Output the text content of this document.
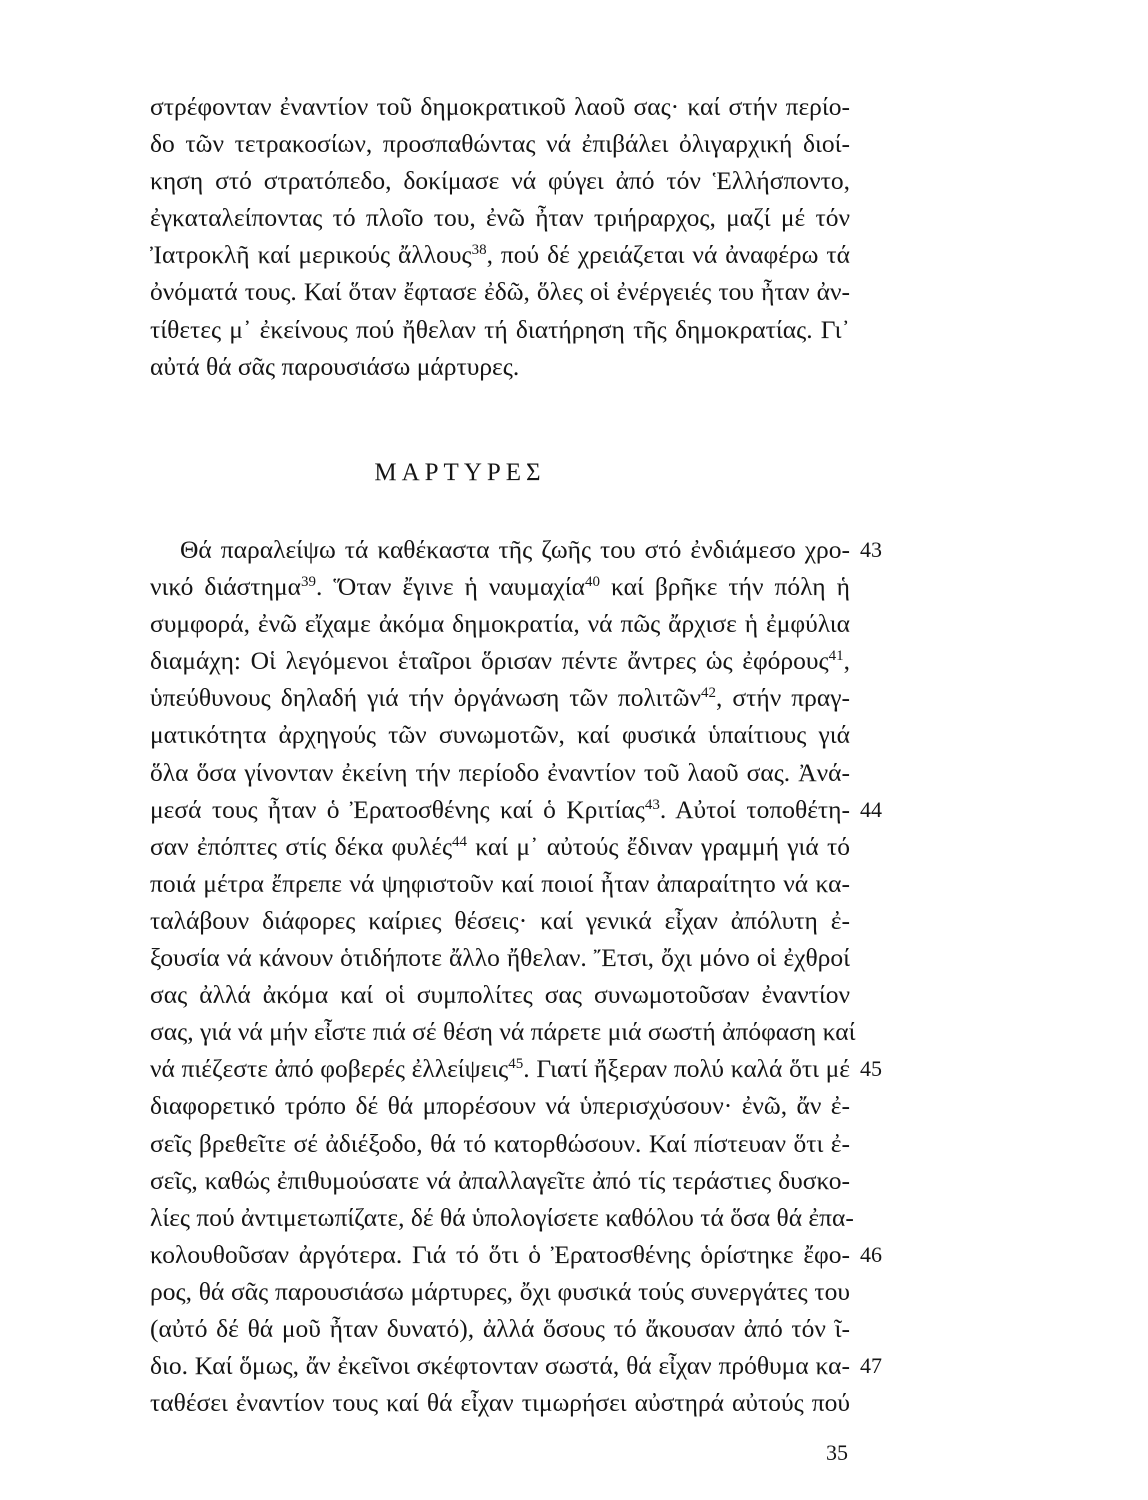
στρέφονταν ἐναντίον τοῦ δημοκρατικοῦ λαοῦ σας· καί στήν περίο-
δο τῶν τετρακοσίων, προσπαθώντας νά ἐπιβάλει ὀλιγαρχική διοί-
κηση στό στρατόπεδο, δοκίμασε νά φύγει ἀπό τόν Ἑλλήσποντο,
ἐγκαταλείποντας τό πλοῖο του, ἐνῶ ἦταν τριήραρχος, μαζί μέ τόν
Ἰατροκλῆ καί μερικούς ἄλλους$^{38}$, πού δέ χρειάζεται νά ἀναφέρω τά
ὀνόματά τους. Καί ὅταν ἔφτασε ἐδῶ, ὅλες οἱ ἐνέργειές του ἦταν ἀν-
τίθετες μ᾿ ἐκείνους πού ἤθελαν τή διατήρηση τῆς δημοκρατίας. Γι᾿
αὐτά θά σᾶς παρουσιάσω μάρτυρες.
ΜΑΡΤΥΡΕΣ
Θά παραλείψω τά καθέκαστα τῆς ζωῆς του στό ἐνδιάμεσο χρο- 43
νικό διάστημα$^{39}$. Ὅταν ἔγινε ἡ ναυμαχία$^{40}$ καί βρῆκε τήν πόλη ἡ
συμφορά, ἐνῶ εἴχαμε ἀκόμα δημοκρατία, νά πῶς ἄρχισε ἡ ἐμφύλια
διαμάχη: Οἱ λεγόμενοι ἑταῖροι ὅρισαν πέντε ἄντρες ὡς ἐφόρους$^{41}$,
ὑπεύθυνους δηλαδή γιά τήν ὀργάνωση τῶν πολιτῶν$^{42}$, στήν πραγ-
ματικότητα ἀρχηγούς τῶν συνωμοτῶν, καί φυσικά ὑπαίτιους γιά
ὅλα ὅσα γίνονταν ἐκείνη τήν περίοδο ἐναντίον τοῦ λαοῦ σας. Ἀνά-
μεσά τους ἦταν ὁ Ἐρατοσθένης καί ὁ Κριτίας$^{43}$. Αὐτοί τοποθέτη- 44
σαν ἐπόπτες στίς δέκα φυλές$^{44}$ καί μ᾿ αὐτούς ἔδιναν γραμμή γιά τό
ποιά μέτρα ἔπρεπε νά ψηφιστοῦν καί ποιοί ἦταν ἀπαραίτητο νά κα-
ταλάβουν διάφορες καίριες θέσεις· καί γενικά εἶχαν ἀπόλυτη ἐ-
ξουσία νά κάνουν ὁτιδήποτε ἄλλο ἤθελαν. Ἔτσι, ὄχι μόνο οἱ ἐχθροί
σας ἀλλά ἀκόμα καί οἱ συμπολίτες σας συνωμοτοῦσαν ἐναντίον
σας, γιά νά μήν εἶστε πιά σέ θέση νά πάρετε μιά σωστή ἀπόφαση καί
νά πιέζεστε ἀπό φοβερές ἐλλείψεις$^{45}$. Γιατί ἤξεραν πολύ καλά ὅτι μέ 45
διαφορετικό τρόπο δέ θά μπορέσουν νά ὑπερισχύσουν· ἐνῶ, ἄν ἐ-
σεῖς βρεθεῖτε σέ ἀδιέξοδο, θά τό κατορθώσουν. Καί πίστευαν ὅτι ἐ-
σεῖς, καθώς ἐπιθυμούσατε νά ἀπαλλαγεῖτε ἀπό τίς τεράστιες δυσκο-
λίες πού ἀντιμετωπίζατε, δέ θά ὑπολογίσετε καθόλου τά ὅσα θά ἐπα-
κολουθοῦσαν ἀργότερα. Γιά τό ὅτι ὁ Ἐρατοσθένης ὁρίστηκε ἔφο- 46
ρος, θά σᾶς παρουσιάσω μάρτυρες, ὄχι φυσικά τούς συνεργάτες του
(αὐτό δέ θά μοῦ ἦταν δυνατό), ἀλλά ὅσους τό ἄκουσαν ἀπό τόν ῖ-
διο. Καί ὅμως, ἄν ἐκεῖνοι σκέφτονταν σωστά, θά εἶχαν πρόθυμα κα- 47
ταθέσει ἐναντίον τους καί θά εἶχαν τιμωρήσει αὐστηρά αὐτούς πού
35
